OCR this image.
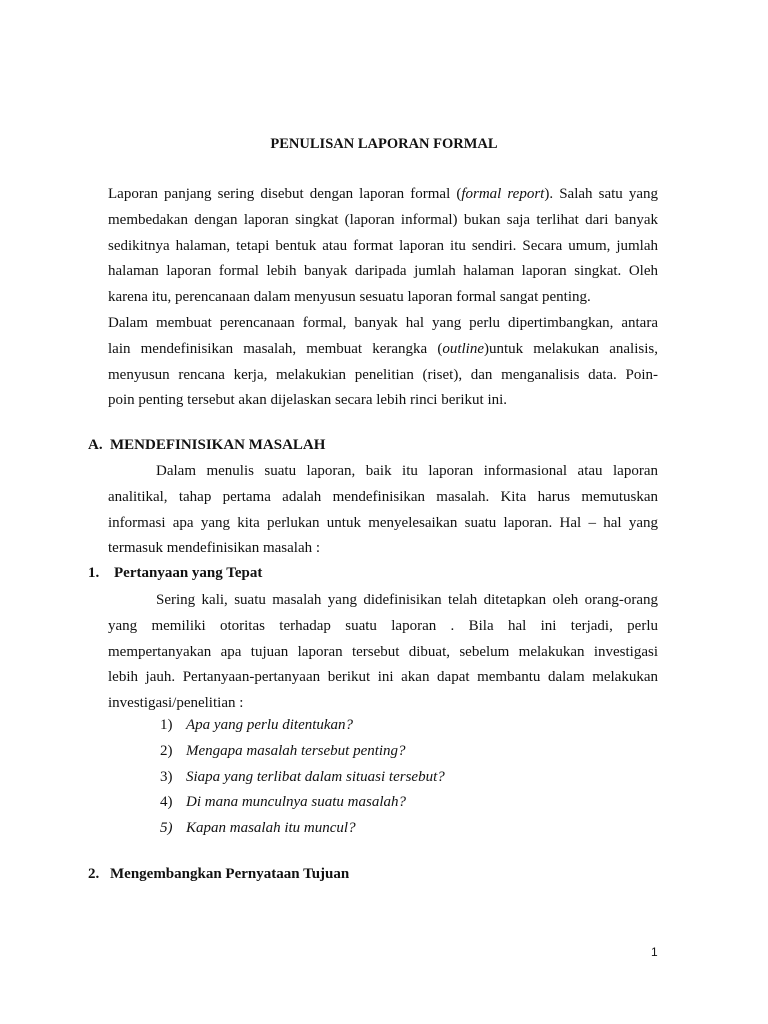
PENULISAN LAPORAN FORMAL
Laporan panjang sering disebut dengan laporan formal (formal report). Salah satu yang
membedakan dengan laporan singkat (laporan informal) bukan saja terlihat dari banyak
sedikitnya halaman, tetapi bentuk atau format laporan itu sendiri. Secara umum, jumlah
halaman laporan formal lebih banyak daripada jumlah halaman laporan singkat. Oleh
karena itu, perencanaan dalam menyusun sesuatu laporan formal sangat penting.
Dalam membuat perencanaan formal, banyak hal yang perlu dipertimbangkan, antara
lain mendefinisikan masalah, membuat kerangka (outline)untuk melakukan analisis,
menyusun rencana kerja, melakukian penelitian (riset), dan menganalisis data. Poin-
poin penting tersebut akan dijelaskan secara lebih rinci berikut ini.
A. MENDEFINISIKAN MASALAH
Dalam menulis suatu laporan, baik itu laporan informasional atau laporan
analitikal, tahap pertama adalah mendefinisikan masalah. Kita harus memutuskan
informasi apa yang kita perlukan untuk menyelesaikan suatu laporan. Hal – hal yang
termasuk mendefinisikan masalah :
1. Pertanyaan yang Tepat
Sering kali, suatu masalah yang didefinisikan telah ditetapkan oleh orang-orang
yang memiliki otoritas terhadap suatu laporan . Bila hal ini terjadi, perlu
mempertanyakan apa tujuan laporan tersebut dibuat, sebelum melakukan investigasi
lebih jauh. Pertanyaan-pertanyaan berikut ini akan dapat membantu dalam melakukan
investigasi/penelitian :
1) Apa yang perlu ditentukan?
2) Mengapa masalah tersebut penting?
3) Siapa yang terlibat dalam situasi tersebut?
4) Di mana munculnya suatu masalah?
5) Kapan masalah itu muncul?
2. Mengembangkan Pernyataan Tujuan
1
